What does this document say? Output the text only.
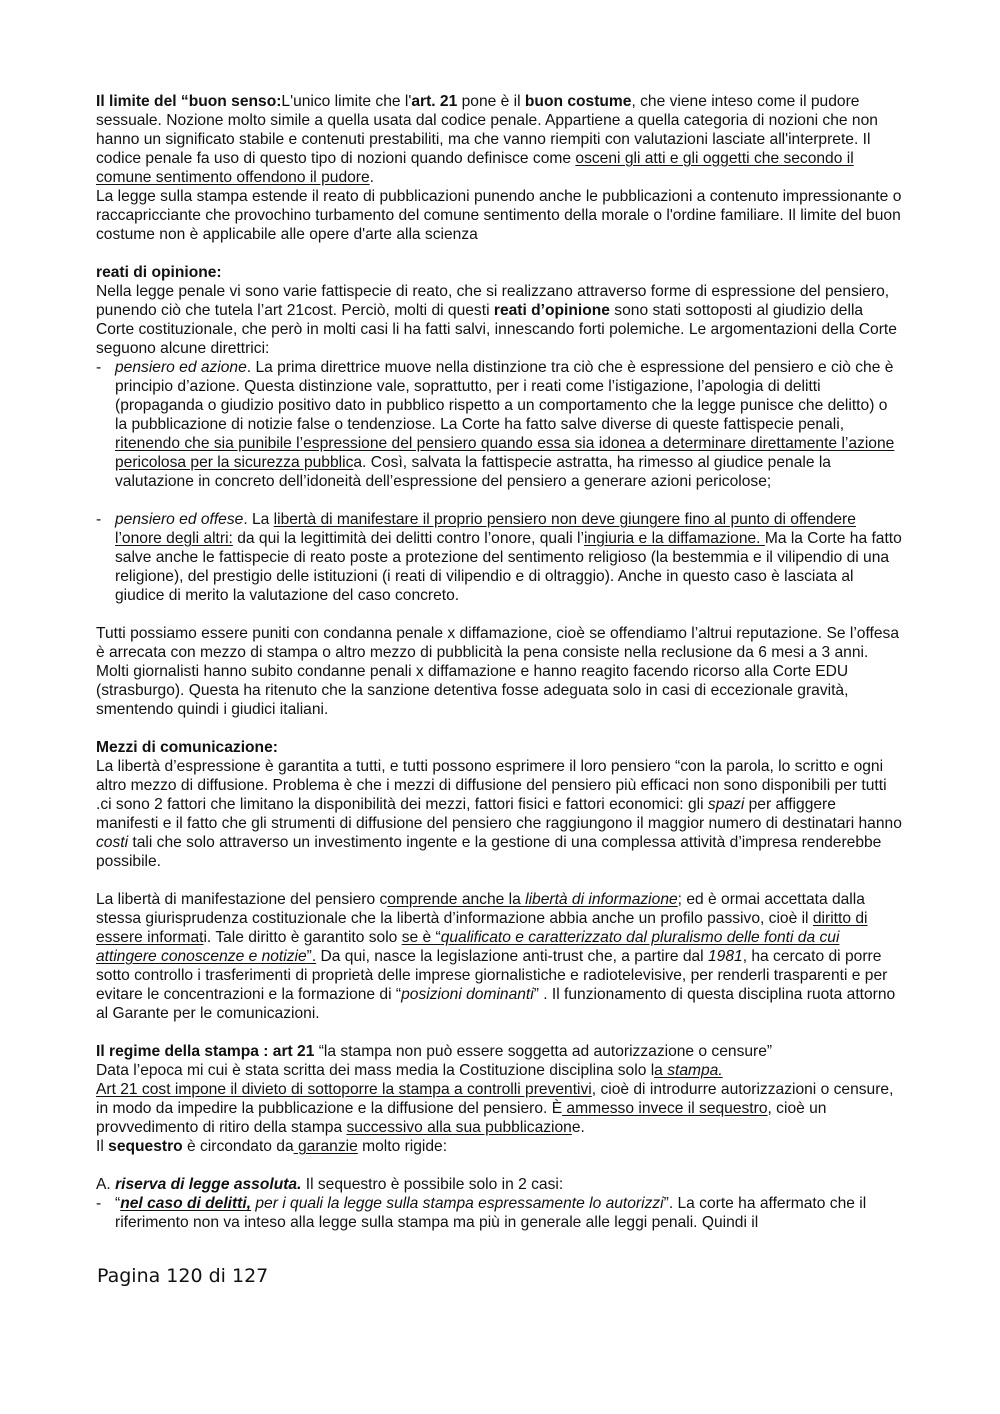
Il limite del “buon senso:L'unico limite che l'art. 21 pone è il buon costume, che viene inteso come il pudore sessuale. Nozione molto simile a quella usata dal codice penale. Appartiene a quella categoria di nozioni che non hanno un significato stabile e contenuti prestabiliti, ma che vanno riempiti con valutazioni lasciate all'interprete. Il codice penale fa uso di questo tipo di nozioni quando definisce come osceni gli atti e gli oggetti che secondo il comune sentimento offendono il pudore.

La legge sulla stampa estende il reato di pubblicazioni punendo anche le pubblicazioni a contenuto impressionante o raccapricciante che provochino turbamento del comune sentimento della morale o l'ordine familiare. Il limite del buon costume non è applicabile alle opere d'arte alla scienza

reati di opinione:

Nella legge penale vi sono varie fattispecie di reato, che si realizzano attraverso forme di espressione del pensiero, punendo ciò che tutela l’art 21cost. Perciò, molti di questi reati d’opinione sono stati sottoposti al giudizio della Corte costituzionale, che però in molti casi li ha fatti salvi, innescando forti polemiche. Le argomentazioni della Corte seguono alcune direttrici:

- pensiero ed azione. La prima direttrice muove nella distinzione tra ciò che è espressione del pensiero e ciò che è principio d’azione. Questa distinzione vale, soprattutto, per i reati come l’istigazione, l’apologia di delitti (propaganda o giudizio positivo dato in pubblico rispetto a un comportamento che la legge punisce che delitto) o la pubblicazione di notizie false o tendenziose. La Corte ha fatto salve diverse di queste fattispecie penali, ritenendo che sia punibile l’espressione del pensiero quando essa sia idonea a determinare direttamente l’azione pericolosa per la sicurezza pubblica. Così, salvata la fattispecie astratta, ha rimesso al giudice penale la valutazione in concreto dell’idoneità dell’espressione del pensiero a generare azioni pericolose;
- pensiero ed offese. La libertà di manifestare il proprio pensiero non deve giungere fino al punto di offendere l’onore degli altri: da qui la legittimità dei delitti contro l’onore, quali l’ingiuria e la diffamazione. Ma la Corte ha fatto salve anche le fattispecie di reato poste a protezione del sentimento religioso (la bestemmia e il vilipendio di una religione), del prestigio delle istituzioni (i reati di vilipendio e di oltraggio). Anche in questo caso è lasciata al giudice di merito la valutazione del caso concreto.

Tutti possiamo essere puniti con condanna penale x diffamazione, cioè se offendiamo l’altrui reputazione. Se l’offesa è arrecata con mezzo di stampa o altro mezzo di pubblicità la pena consiste nella reclusione da 6 mesi a 3 anni. Molti giornalisti hanno subito condanne penali x diffamazione e hanno reagito facendo ricorso alla Corte EDU (strasburgo). Questa ha ritenuto che la sanzione detentiva fosse adeguata solo in casi di eccezionale gravità, smentendo quindi i giudici italiani.

Mezzi di comunicazione:

La libertà d’espressione è garantita a tutti, e tutti possono esprimere il loro pensiero “con la parola, lo scritto e ogni altro mezzo di diffusione. Problema è che i mezzi di diffusione del pensiero più efficaci non sono disponibili per tutti .ci sono 2 fattori che limitano la disponibilità dei mezzi, fattori fisici e fattori economici: gli spazi per affiggere manifesti e il fatto che gli strumenti di diffusione del pensiero che raggiungono il maggior numero di destinatari hanno costi tali che solo attraverso un investimento ingente e la gestione di una complessa attività d’impresa renderebbe possibile.

La libertà di manifestazione del pensiero comprende anche la libertà di informazione; ed è ormai accettata dalla stessa giurisprudenza costituzionale che la libertà d’informazione abbia anche un profilo passivo, cioè il diritto di essere informati. Tale diritto è garantito solo se è “qualificato e caratterizzato dal pluralismo delle fonti da cui attingere conoscenze e notizie”. Da qui, nasce la legislazione anti-trust che, a partire dal 1981, ha cercato di porre sotto controllo i trasferimenti di proprietà delle imprese giornalistiche e radiotelevisive, per renderli trasparenti e per evitare le concentrazioni e la formazione di “posizioni dominanti” . Il funzionamento di questa disciplina ruota attorno al Garante per le comunicazioni.

Il regime della stampa : art 21 “la stampa non può essere soggetta ad autorizzazione o censure”

Data l’epoca mi cui è stata scritta dei mass media la Costituzione disciplina solo la stampa.

Art 21 cost impone il divieto di sottoporre la stampa a controlli preventivi, cioè di introdurre autorizzazioni o censure, in modo da impedire la pubblicazione e la diffusione del pensiero. È ammesso invece il sequestro, cioè un provvedimento di ritiro della stampa successivo alla sua pubblicazione.

Il sequestro è circondato da garanzie molto rigide:

A. riserva di legge assoluta. Il sequestro è possibile solo in 2 casi:

- “nel caso di delitti, per i quali la legge sulla stampa espressamente lo autorizzi”. La corte ha affermato che il riferimento non va inteso alla legge sulla stampa ma più in generale alle leggi penali. Quindi il
Pagina 120 di 127
